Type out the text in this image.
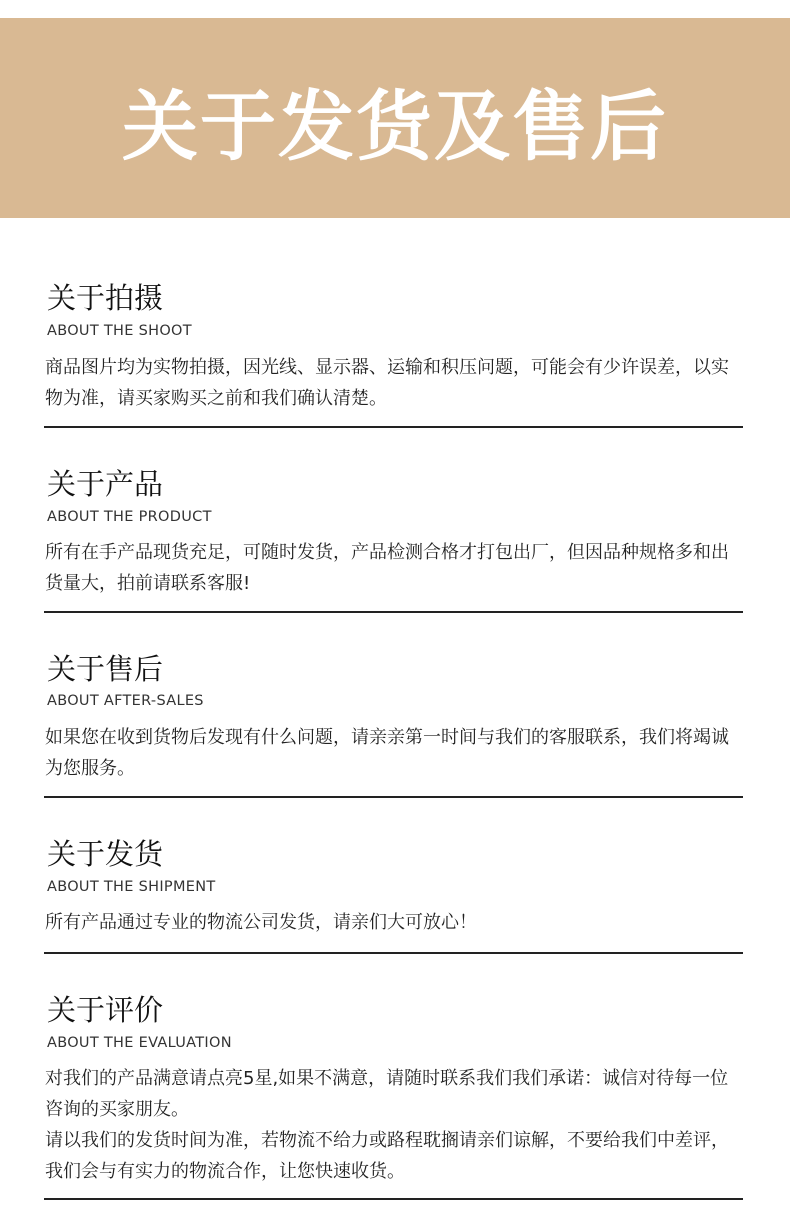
关于发货及售后
关于拍摄
ABOUT THE SHOOT

商品图片均为实物拍摄，因光线、显示器、运输和积压问题，可能会有少许误差，以实物为准，请买家购买之前和我们确认清楚。

关于产品
ABOUT THE PRODUCT

所有在手产品现货充足，可随时发货，产品检测合格才打包出厂，但因品种规格多和出货量大，拍前请联系客服!

关于售后
ABOUT AFTER-SALES

如果您在收到货物后发现有什么问题，请亲亲第一时间与我们的客服联系，我们将竭诚为您服务。

关于发货
ABOUT THE SHIPMENT

所有产品通过专业的物流公司发货，请亲们大可放心！

关于评价
ABOUT THE EVALUATION

对我们的产品满意请点亮5星,如果不满意，请随时联系我们我们承诺：诚信对待每一位咨询的买家朋友。

请以我们的发货时间为准，若物流不给力或路程耽搁请亲们谅解，不要给我们中差评，我们会与有实力的物流合作，让您快速收货。
